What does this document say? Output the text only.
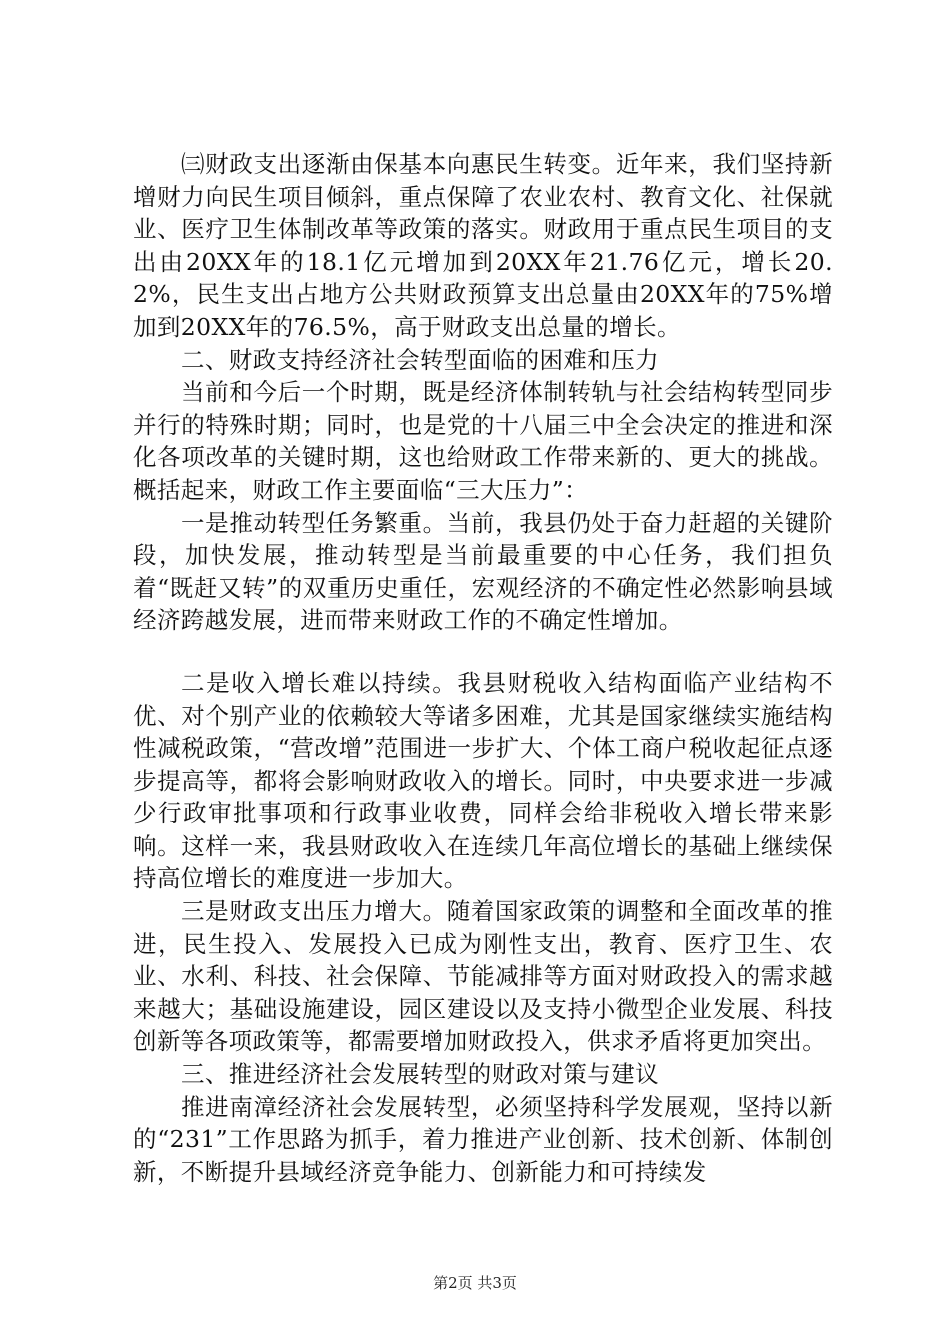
㈢财政支出逐渐由保基本向惠民生转变。近年来，我们坚持新增财力向民生项目倾斜，重点保障了农业农村、教育文化、社保就业、医疗卫生体制改革等政策的落实。财政用于重点民生项目的支出由20XX年的18.1亿元增加到20XX年21.76亿元，增长20.2%，民生支出占地方公共财政预算支出总量由20XX年的75%增加到20XX年的76.5%，高于财政支出总量的增长。

二、财政支持经济社会转型面临的困难和压力

当前和今后一个时期，既是经济体制转轨与社会结构转型同步并行的特殊时期；同时，也是党的十八届三中全会决定的推进和深化各项改革的关键时期，这也给财政工作带来新的、更大的挑战。概括起来，财政工作主要面临“三大压力”：

一是推动转型任务繁重。当前，我县仍处于奋力赶超的关键阶段，加快发展，推动转型是当前最重要的中心任务，我们担负着“既赶又转”的双重历史重任，宏观经济的不确定性必然影响县域经济跨越发展，进而带来财政工作的不确定性增加。

二是收入增长难以持续。我县财税收入结构面临产业结构不优、对个别产业的依赖较大等诸多困难，尤其是国家继续实施结构性减税政策，“营改增”范围进一步扩大、个体工商户税收起征点逐步提高等，都将会影响财政收入的增长。同时，中央要求进一步减少行政审批事项和行政事业收费，同样会给非税收入增长带来影响。这样一来，我县财政收入在连续几年高位增长的基础上继续保持高位增长的难度进一步加大。

三是财政支出压力增大。随着国家政策的调整和全面改革的推进，民生投入、发展投入已成为刚性支出，教育、医疗卫生、农业、水利、科技、社会保障、节能减排等方面对财政投入的需求越来越大；基础设施建设，园区建设以及支持小微型企业发展、科技创新等各项政策等，都需要增加财政投入，供求矛盾将更加突出。

三、推进经济社会发展转型的财政对策与建议

推进南漳经济社会发展转型，必须坚持科学发展观，坚持以新的“231”工作思路为抓手，着力推进产业创新、技术创新、体制创新，不断提升县域经济竞争能力、创新能力和可持续发

第2页 共3页
